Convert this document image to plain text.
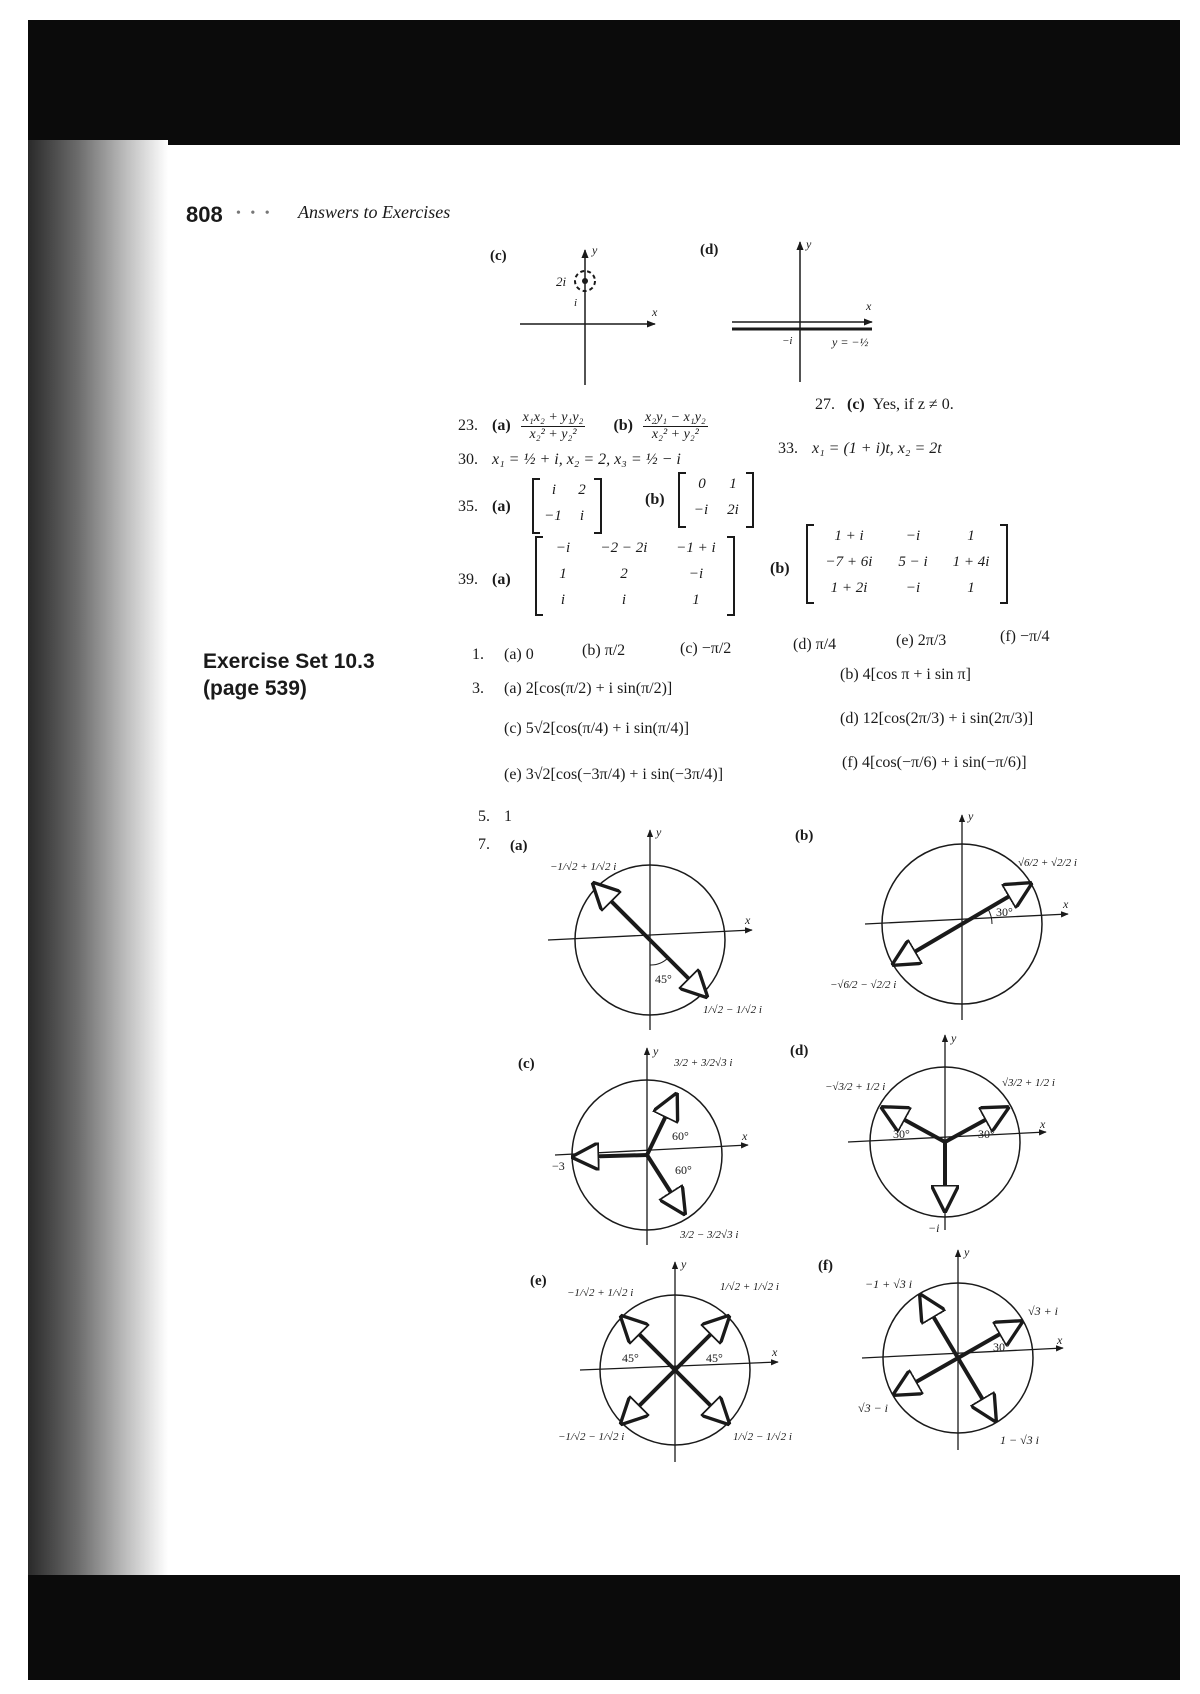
808 • • • Answers to Exercises
Exercise Set 10.3
(page 539)
23. $(a) \frac{\text{x₁x₂ + y₁y₂}}{\text{x₂² + y₂²}} (b) \frac{\text{x₂y₁ − x₁y₂}}{\text{x₂² + y₂²}}$
27. (c) Yes, if z ≠ 0.
30. x₁ = ½ + i, x₂ = 2, x₃ = ½ − i
33. x₁ = (1 + i)t, x₂ = 2t
35. (a)
i	2
−1	i
(b)
0	1
−i	2i
39. (a)
−i	−2 − 2i	−1 + i
1	2	−i
i	i	1
(b)
1 + i	−i	1
−7 + 6i	5 − i	1 + 4i
1 + 2i	−i	1
1. (a) 0	(b) π/2	(c) −π/2	(d) π/4	(e) 2π/3	(f) −π/4
3. (a) 2[cos(π/2) + i sin(π/2)]
(b) 4[cos π + i sin π]
(c) 5√2[cos(π/4) + i sin(π/4)]
(d) 12[cos(2π/3) + i sin(2π/3)]
(e) 3√2[cos(−3π/4) + i sin(−3π/4)]
(f) 4[cos(−π/6) + i sin(−π/6)]
5. 1
7.
(c)
x
y
2i
i
(d)
x
y
−i	y = −½
(a)
x
y
45°
−1/√2 + 1/√2 i
1/√2 − 1/√2 i
(b)
x
y
30°
√6/2 + √2/2 i
−√6/2 − √2/2 i
(c)
x
y
60°
60°
3/2 + 3/2√3 i
3/2 − 3/2√3 i
−3
(d)
x
y
30°
30°
√3/2 + 1/2 i
−√3/2 + 1/2 i
−i
(e)
x
y
45°
45°
1/√2 + 1/√2 i
−1/√2 + 1/√2 i
−1/√2 − 1/√2 i	1/√2 − 1/√2 i
(f)
x
y
30°
√3 + i
−1 + √3 i
√3 − i
1 − √3 i
